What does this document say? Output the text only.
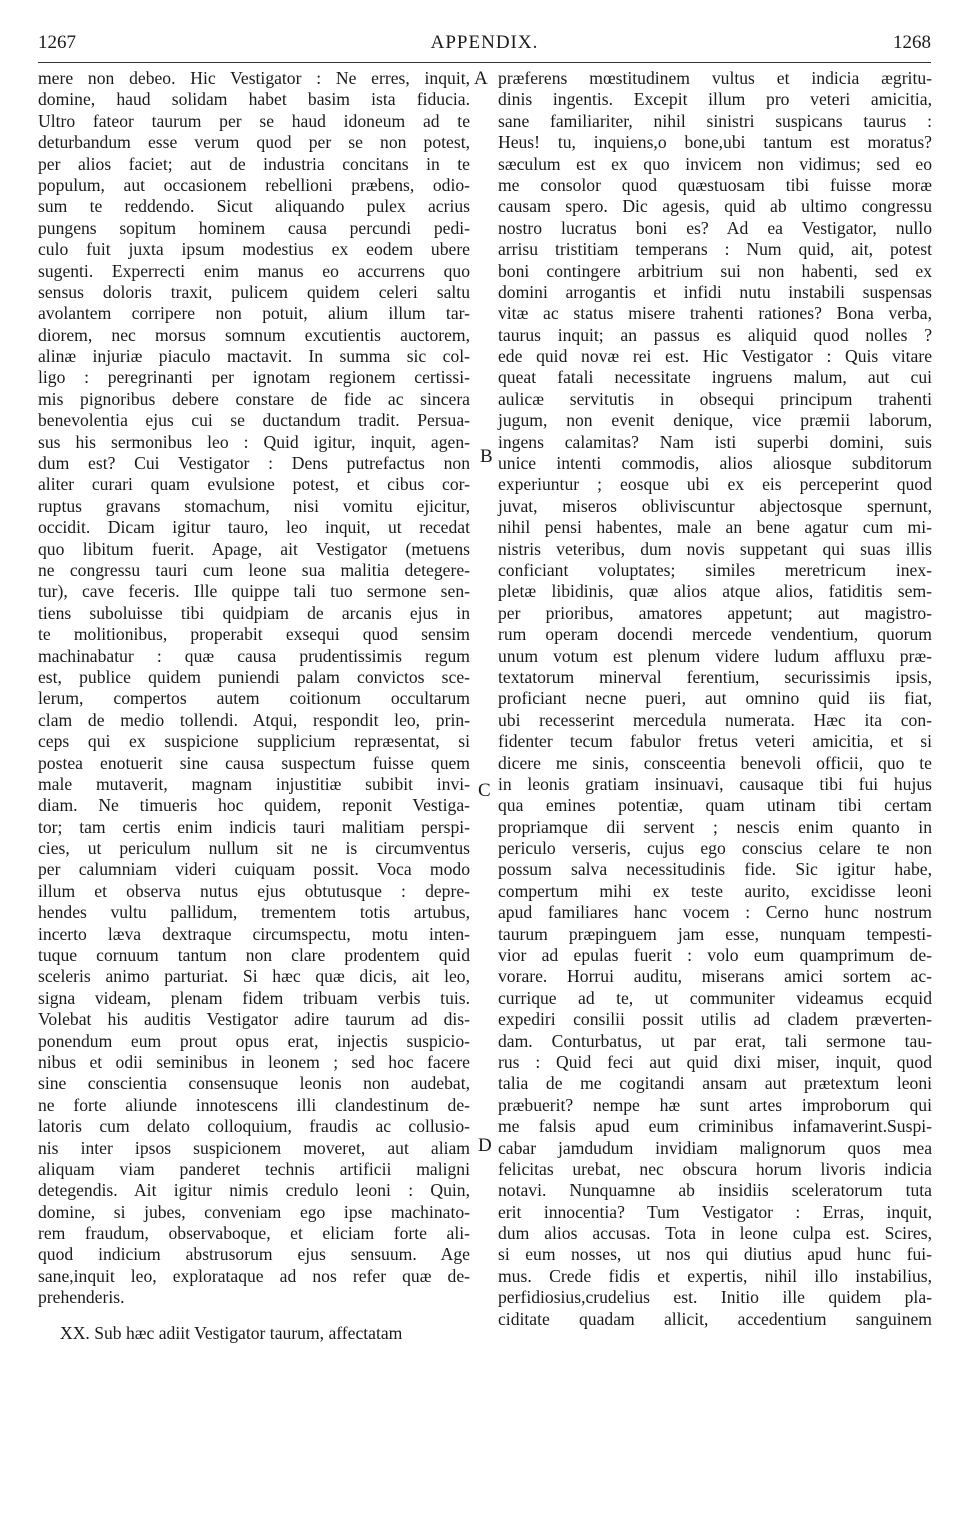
1267	APPENDIX.	1268
mere non debeo. Hic Vestigator : Ne erres, inquit,
domine, haud solidam habet basim ista fiducia.
Ultro fateor taurum per se haud idoneum ad te
deturbandum esse verum quod per se non potest,
per alios faciet; aut de industria concitans in te
populum, aut occasionem rebellioni præbens, odio-
sum te reddendo. Sicut aliquando pulex acrius
pungens sopitum hominem causa percundi pedi-
culo fuit juxta ipsum modestius ex eodem ubere
sugenti. Experrecti enim manus eo accurrens quo
sensus doloris traxit, pulicem quidem celeri saltu
avolantem corripere non potuit, alium illum tar-
diorem, nec morsus somnum excutientis auctorem,
alinæ injuriæ piaculo mactavit. In summa sic col-
ligo : peregrinanti per ignotam regionem certissi-
mis pignoribus debere constare de fide ac sincera
benevolentia ejus cui se ductandum tradit. Persua-
sus his sermonibus leo : Quid igitur, inquit, agen-
dum est? Cui Vestigator : Dens putrefactus non
aliter curari quam evulsione potest, et cibus cor-
ruptus gravans stomachum, nisi vomitu ejicitur,
occidit. Dicam igitur tauro, leo inquit, ut recedat
quo libitum fuerit. Apage, ait Vestigator (metuens
ne congressu tauri cum leone sua malitia detegere-
tur), cave feceris. Ille quippe tali tuo sermone sen-
tiens suboluisse tibi quidpiam de arcanis ejus in
te molitionibus, properabit exsequi quod sensim
machinabatur : quæ causa prudentissimis regum
est, publice quidem puniendi palam convictos sce-
lerum, compertos autem coitionum occultarum
clam de medio tollendi. Atqui, respondit leo, prin-
ceps qui ex suspicione supplicium repræsentat, si
postea enotuerit sine causa suspectum fuisse quem
male mutaverit, magnam injustitiæ subibit invi-
diam. Ne timueris hoc quidem, reponit Vestiga-
tor; tam certis enim indicis tauri malitiam perspi-
cies, ut periculum nullum sit ne is circumventus
per calumniam videri cuiquam possit. Voca modo
illum et observa nutus ejus obtutusque : depre-
hendes vultu pallidum, trementem totis artubus,
incerto læva dextraque circumspectu, motu inten-
tuque cornuum tantum non clare prodentem quid
sceleris animo parturiat. Si hæc quæ dicis, ait leo,
signa videam, plenam fidem tribuam verbis tuis.
Volebat his auditis Vestigator adire taurum ad dis-
ponendum eum prout opus erat, injectis suspicio-
nibus et odii seminibus in leonem ; sed hoc facere
sine conscientia consensuque leonis non audebat,
ne forte aliunde innotescens illi clandestinum de-
latoris cum delato colloquium, fraudis ac collusio-
nis inter ipsos suspicionem moveret, aut aliam
aliquam viam panderet technis artificii maligni
detegendis. Ait igitur nimis credulo leoni : Quin,
domine, si jubes, conveniam ego ipse machinato-
rem fraudum, observaboque, et eliciam forte ali-
quod indicium abstrusorum ejus sensuum. Age
sane,inquit leo, explorataque ad nos refer quæ de-
prehenderis.
XX. Sub hæc adiit Vestigator taurum, affectatam
præferens mœstitudinem vultus et indicia ægritu-
dinis ingentis. Excepit illum pro veteri amicitia,
sane familiariter, nihil sinistri suspicans taurus :
Heus! tu, inquiens,o bone,ubi tantum est moratus?
sæculum est ex quo invicem non vidimus; sed eo
me consolor quod quæstuosam tibi fuisse moræ
causam spero. Dic agesis, quid ab ultimo congressu
nostro lucratus boni es? Ad ea Vestigator, nullo
arrisu tristitiam temperans : Num quid, ait, potest
boni contingere arbitrium sui non habenti, sed ex
domini arrogantis et infidi nutu instabili suspensas
vitæ ac status misere trahenti rationes? Bona verba,
taurus inquit; an passus es aliquid quod nolles ?
ede quid novæ rei est. Hic Vestigator : Quis vitare
queat fatali necessitate ingruens malum, aut cui
aulicæ servitutis in obsequi principum trahenti
jugum, non evenit denique, vice præmii laborum,
ingens calamitas? Nam isti superbi domini, suis
unice intenti commodis, alios aliosque subditorum
experiuntur ; eosque ubi ex eis perceperint quod
juvat, miseros obliviscuntur abjectosque spernunt,
nihil pensi habentes, male an bene agatur cum mi-
nistris veteribus, dum novis suppetant qui suas illis
conficiant voluptates; similes meretricum inex-
pletæ libidinis, quæ alios atque alios, fatiditis sem-
per prioribus, amatores appetunt; aut magistro-
rum operam docendi mercede vendentium, quorum
unum votum est plenum videre ludum affluxu præ-
textatorum minerval ferentium, securissimis ipsis,
proficiant necne pueri, aut omnino quid iis fiat,
ubi recesserint mercedula numerata. Hæc ita con-
fidenter tecum fabulor fretus veteri amicitia, et si
dicere me sinis, consceentia benevoli officii, quo te
in leonis gratiam insinuavi, causaque tibi fui hujus
qua emines potentiæ, quam utinam tibi certam
propriamque dii servent ; nescis enim quanto in
periculo verseris, cujus ego conscius celare te non
possum salva necessitudinis fide. Sic igitur habe,
compertum mihi ex teste aurito, excidisse leoni
apud familiares hanc vocem : Cerno hunc nostrum
taurum præpinguem jam esse, nunquam tempesti-
vior ad epulas fuerit : volo eum quamprimum de-
vorare. Horrui auditu, miserans amici sortem ac-
currique ad te, ut communiter videamus ecquid
expediri consilii possit utilis ad cladem præverten-
dam. Conturbatus, ut par erat, tali sermone tau-
rus : Quid feci aut quid dixi miser, inquit, quod
talia de me cogitandi ansam aut prætextum leoni
præbuerit? nempe hæ sunt artes improborum qui
me falsis apud eum criminibus infamaverint.Suspi-
cabar jamdudum invidiam malignorum quos mea
felicitas urebat, nec obscura horum livoris indicia
notavi. Nunquamne ab insidiis sceleratorum tuta
erit innocentia? Tum Vestigator : Erras, inquit,
dum alios accusas. Tota in leone culpa est. Scires,
si eum nosses, ut nos qui diutius apud hunc fui-
mus. Crede fidis et expertis, nihil illo instabilius,
perfidiosius,crudelius est. Initio ille quidem pla-
ciditate quadam allicit, accedentium sanguinem
A
B
C
D
